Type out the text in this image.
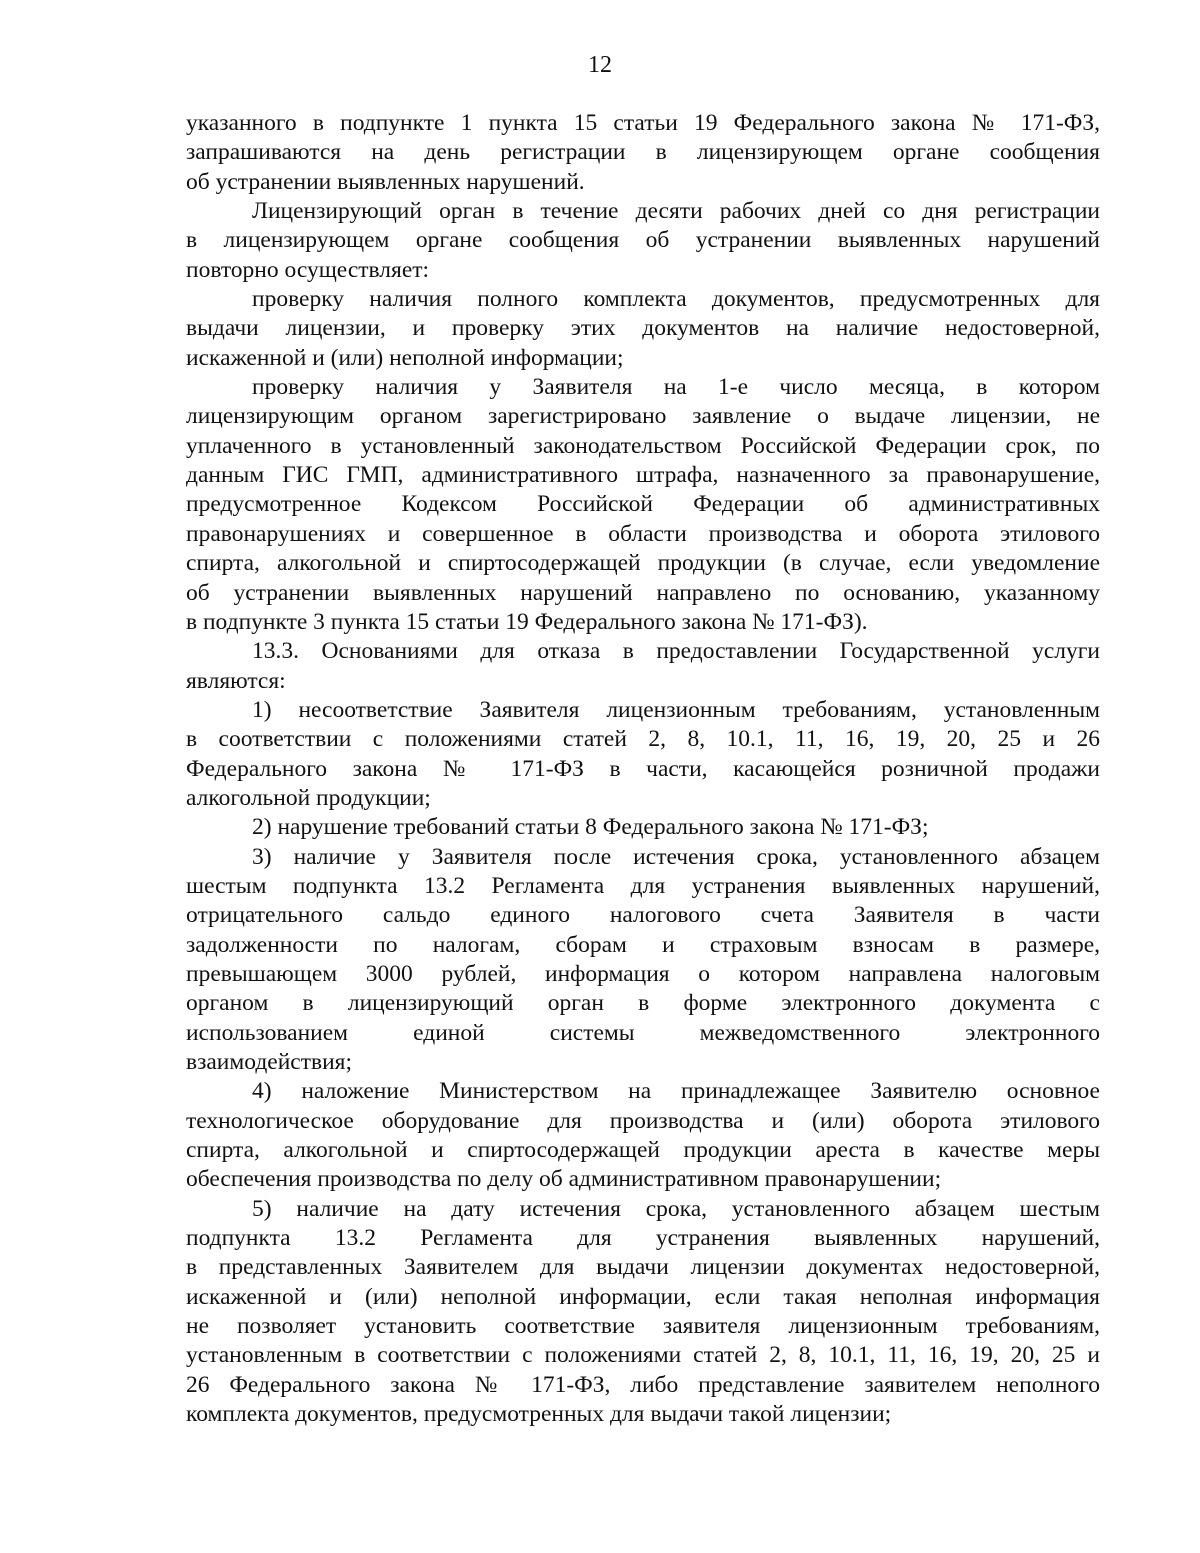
12
указанного в подпункте 1 пункта 15 статьи 19 Федерального закона № 171-ФЗ,
запрашиваются на день регистрации в лицензирующем органе сообщения
об устранении выявленных нарушений.
Лицензирующий орган в течение десяти рабочих дней со дня регистрации
в лицензирующем органе сообщения об устранении выявленных нарушений
повторно осуществляет:
проверку наличия полного комплекта документов, предусмотренных для
выдачи лицензии, и проверку этих документов на наличие недостоверной,
искаженной и (или) неполной информации;
проверку наличия у Заявителя на 1-е число месяца, в котором
лицензирующим органом зарегистрировано заявление о выдаче лицензии, не
уплаченного в установленный законодательством Российской Федерации срок, по
данным ГИС ГМП, административного штрафа, назначенного за правонарушение,
предусмотренное Кодексом Российской Федерации об административных
правонарушениях и совершенное в области производства и оборота этилового
спирта, алкогольной и спиртосодержащей продукции (в случае, если уведомление
об устранении выявленных нарушений направлено по основанию, указанному
в подпункте 3 пункта 15 статьи 19 Федерального закона № 171-ФЗ).
13.3. Основаниями для отказа в предоставлении Государственной услуги
являются:
1) несоответствие Заявителя лицензионным требованиям, установленным
в соответствии с положениями статей 2, 8, 10.1, 11, 16, 19, 20, 25 и 26
Федерального закона № 171-ФЗ в части, касающейся розничной продажи
алкогольной продукции;
2) нарушение требований статьи 8 Федерального закона № 171-ФЗ;
3) наличие у Заявителя после истечения срока, установленного абзацем
шестым подпункта 13.2 Регламента для устранения выявленных нарушений,
отрицательного сальдо единого налогового счета Заявителя в части
задолженности по налогам, сборам и страховым взносам в размере,
превышающем 3000 рублей, информация о котором направлена налоговым
органом в лицензирующий орган в форме электронного документа с
использованием единой системы межведомственного электронного
взаимодействия;
4) наложение Министерством на принадлежащее Заявителю основное
технологическое оборудование для производства и (или) оборота этилового
спирта, алкогольной и спиртосодержащей продукции ареста в качестве меры
обеспечения производства по делу об административном правонарушении;
5) наличие на дату истечения срока, установленного абзацем шестым
подпункта 13.2 Регламента для устранения выявленных нарушений,
в представленных Заявителем для выдачи лицензии документах недостоверной,
искаженной и (или) неполной информации, если такая неполная информация
не позволяет установить соответствие заявителя лицензионным требованиям,
установленным в соответствии с положениями статей 2, 8, 10.1, 11, 16, 19, 20, 25 и
26 Федерального закона № 171-ФЗ, либо представление заявителем неполного
комплекта документов, предусмотренных для выдачи такой лицензии;
